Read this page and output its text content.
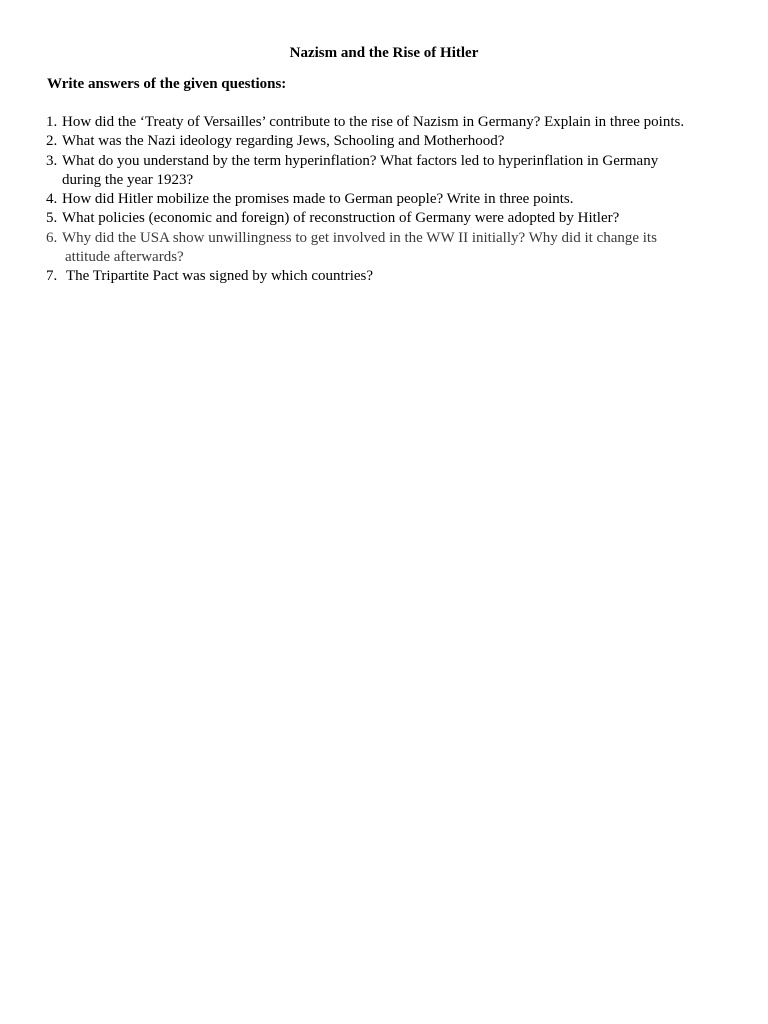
Nazism and the Rise of Hitler
Write answers of the given questions:
1. How did the ‘Treaty of Versailles’ contribute to the rise of Nazism in Germany? Explain in three points.
2. What was the Nazi ideology regarding Jews, Schooling and Motherhood?
3. What do you understand by the term hyperinflation? What factors led to hyperinflation in Germany
during the year 1923?
4. How did Hitler mobilize the promises made to German people? Write in three points.
5. What policies (economic and foreign) of reconstruction of Germany were adopted by Hitler?
6. Why did the USA show unwillingness to get involved in the WW II initially? Why did it change its
attitude afterwards?
7. The Tripartite Pact was signed by which countries?
